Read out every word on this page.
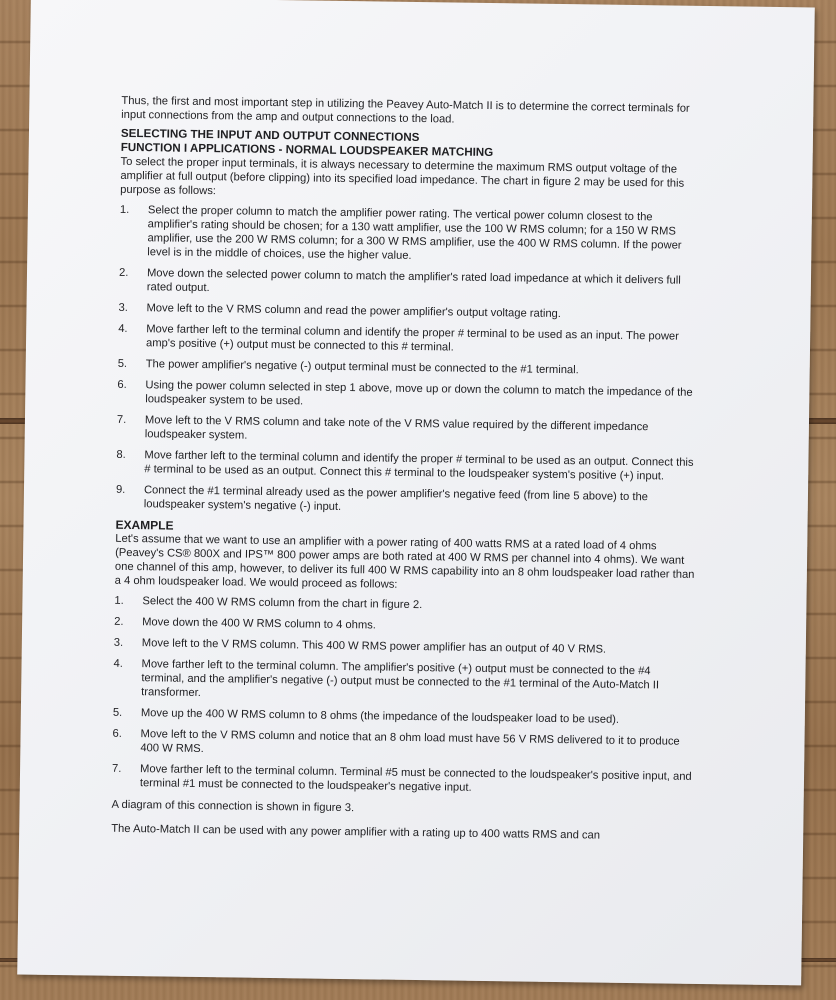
Thus, the first and most important step in utilizing the Peavey Auto-Match II is to determine the correct terminals for input connections from the amp and output connections to the load.

SELECTING THE INPUT AND OUTPUT CONNECTIONS

FUNCTION I APPLICATIONS - NORMAL LOUDSPEAKER MATCHING

To select the proper input terminals, it is always necessary to determine the maximum RMS output voltage of the amplifier at full output (before clipping) into its specified load impedance. The chart in figure 2 may be used for this purpose as follows:

1. Select the proper column to match the amplifier power rating. The vertical power column closest to the amplifier's rating should be chosen; for a 130 watt amplifier, use the 100 W RMS column; for a 150 W RMS amplifier, use the 200 W RMS column; for a 300 W RMS amplifier, use the 400 W RMS column. If the power level is in the middle of choices, use the higher value.
2. Move down the selected power column to match the amplifier's rated load impedance at which it delivers full rated output.
3. Move left to the V RMS column and read the power amplifier's output voltage rating.
4. Move farther left to the terminal column and identify the proper # terminal to be used as an input. The power amp's positive (+) output must be connected to this # terminal.
5. The power amplifier's negative (-) output terminal must be connected to the #1 terminal.
6. Using the power column selected in step 1 above, move up or down the column to match the impedance of the loudspeaker system to be used.
7. Move left to the V RMS column and take note of the V RMS value required by the different impedance loudspeaker system.
8. Move farther left to the terminal column and identify the proper # terminal to be used as an output. Connect this # terminal to be used as an output. Connect this # terminal to the loudspeaker system's positive (+) input.
9. Connect the #1 terminal already used as the power amplifier's negative feed (from line 5 above) to the loudspeaker system's negative (-) input.

EXAMPLE

Let's assume that we want to use an amplifier with a power rating of 400 watts RMS at a rated load of 4 ohms (Peavey's CS® 800X and IPS™ 800 power amps are both rated at 400 W RMS per channel into 4 ohms). We want one channel of this amp, however, to deliver its full 400 W RMS capability into an 8 ohm loudspeaker load rather than a 4 ohm loudspeaker load. We would proceed as follows:

1. Select the 400 W RMS column from the chart in figure 2.
2. Move down the 400 W RMS column to 4 ohms.
3. Move left to the V RMS column. This 400 W RMS power amplifier has an output of 40 V RMS.
4. Move farther left to the terminal column. The amplifier's positive (+) output must be connected to the #4 terminal, and the amplifier's negative (-) output must be connected to the #1 terminal of the Auto-Match II transformer.
5. Move up the 400 W RMS column to 8 ohms (the impedance of the loudspeaker load to be used).
6. Move left to the V RMS column and notice that an 8 ohm load must have 56 V RMS delivered to it to produce 400 W RMS.
7. Move farther left to the terminal column. Terminal #5 must be connected to the loudspeaker's positive input, and terminal #1 must be connected to the loudspeaker's negative input.

A diagram of this connection is shown in figure 3.

The Auto-Match II can be used with any power amplifier with a rating up to 400 watts RMS and can
